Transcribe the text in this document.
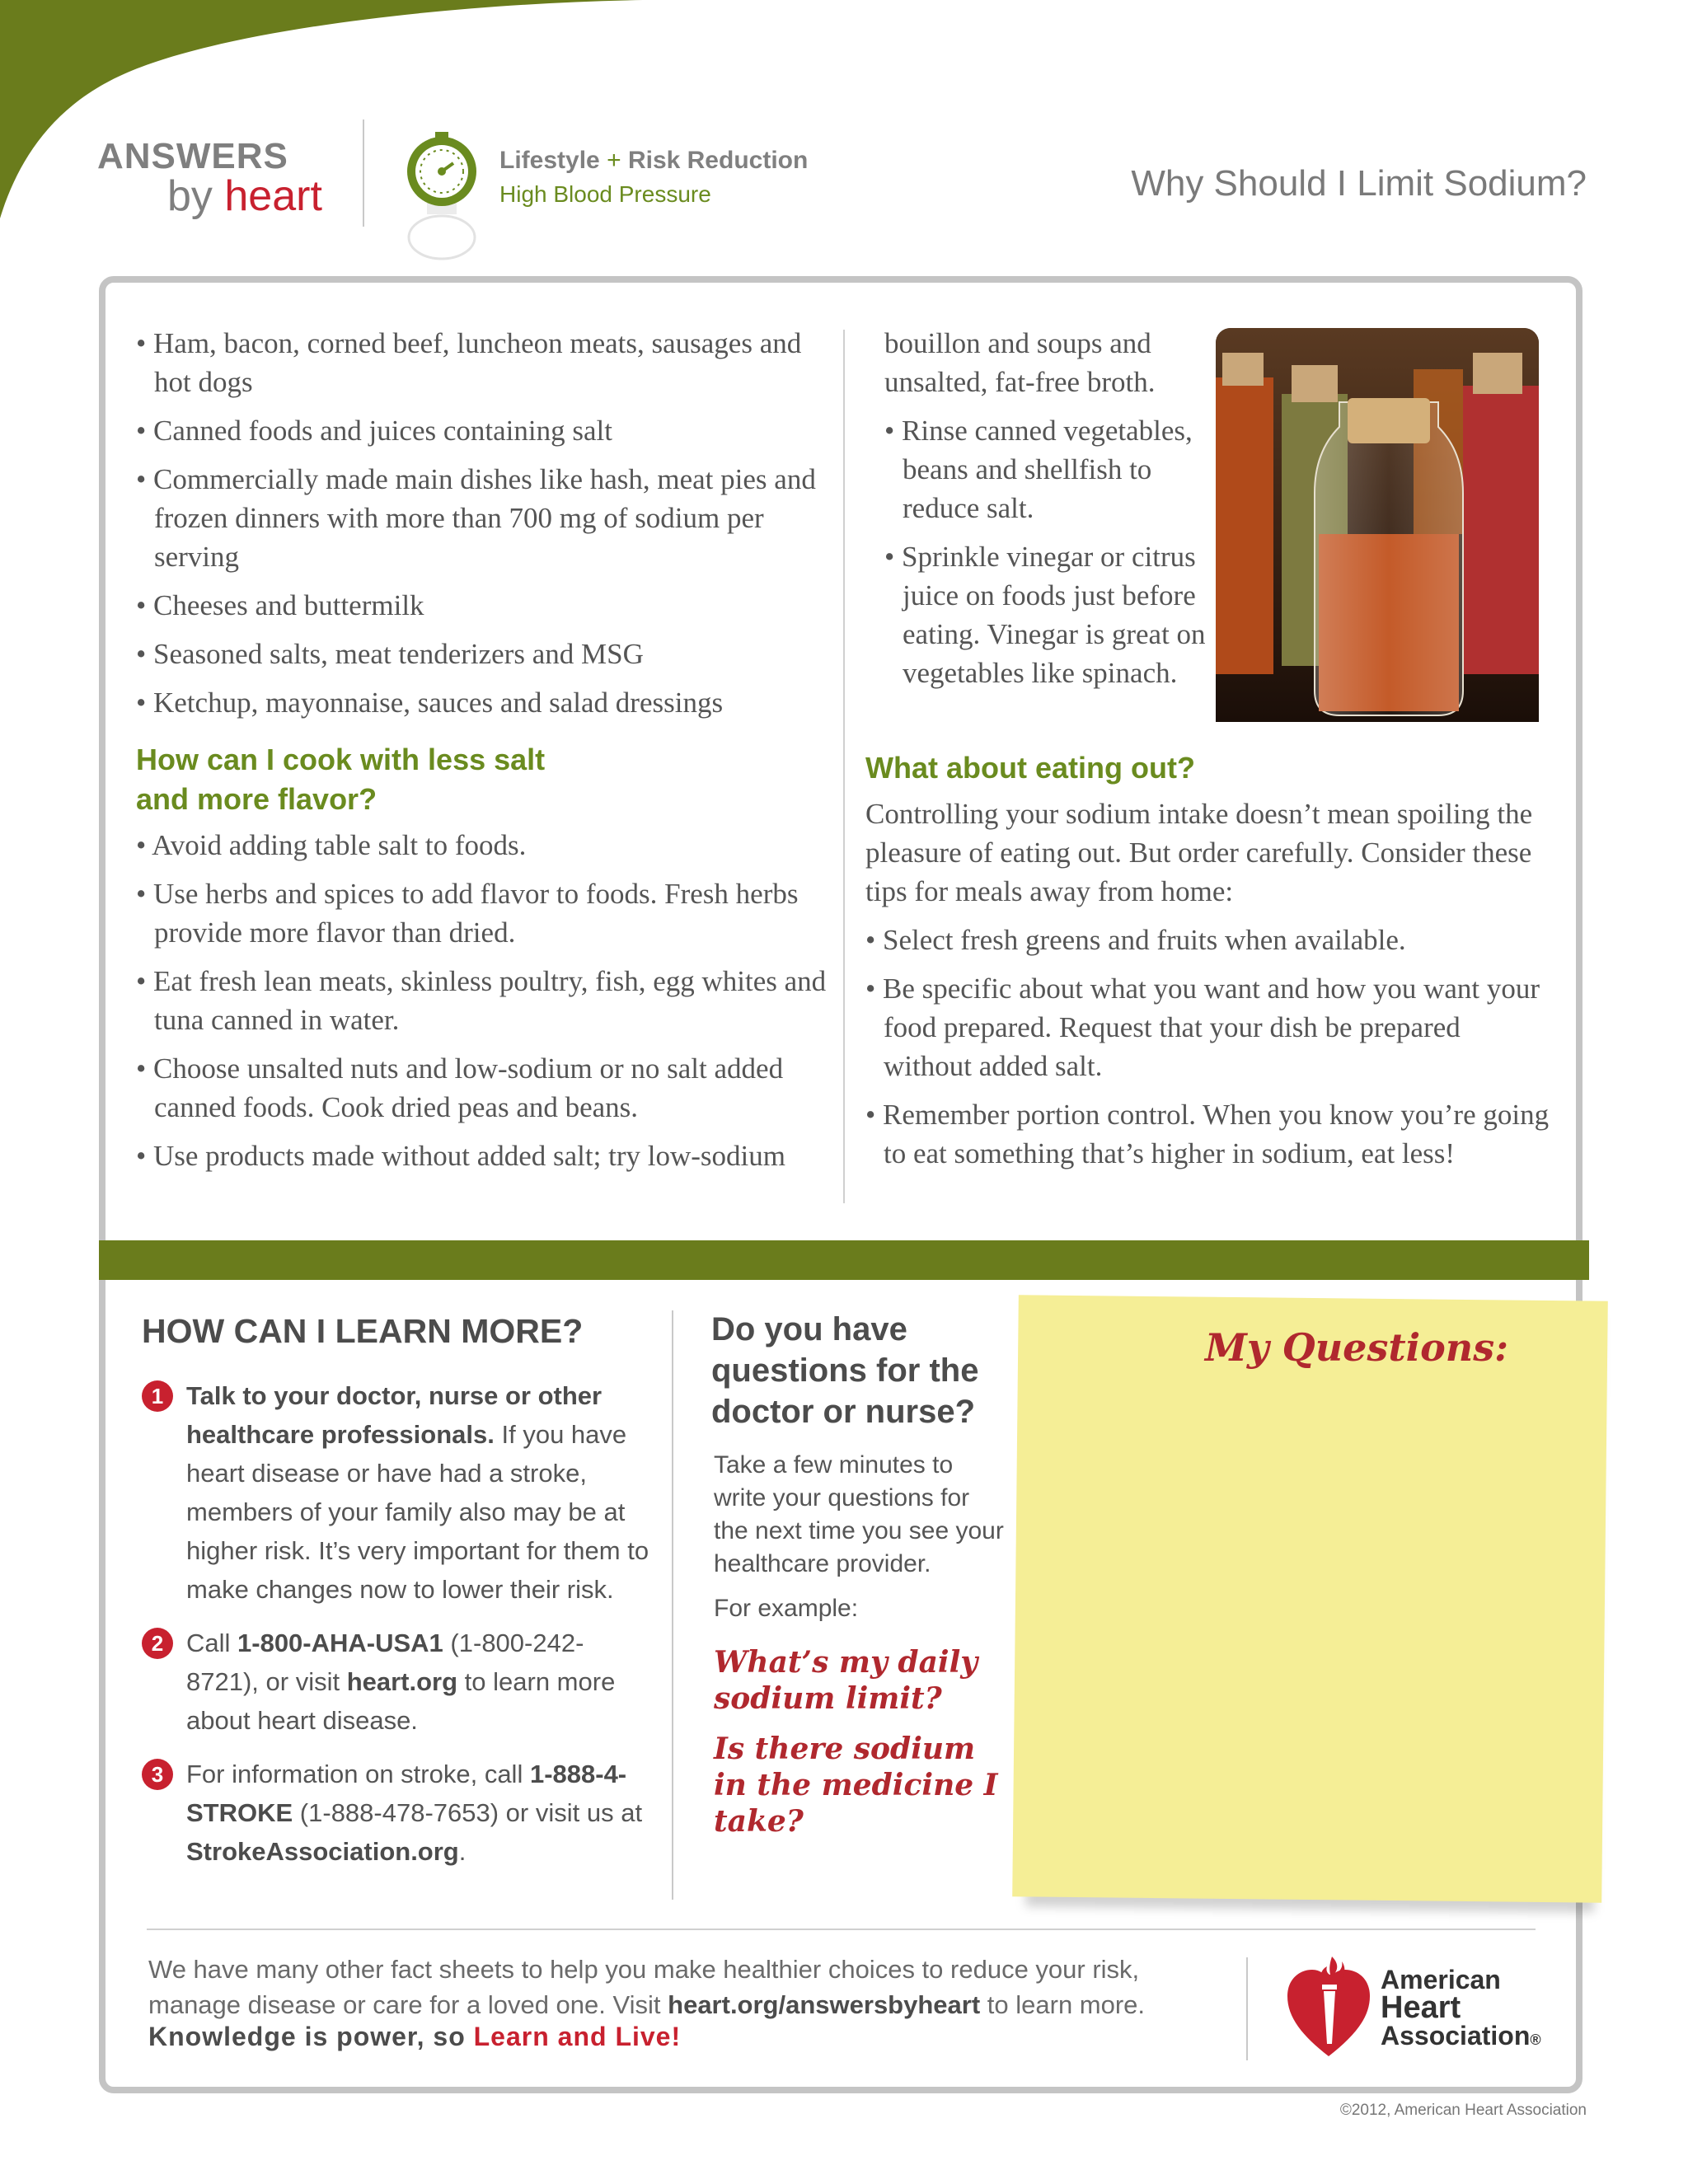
ANSWERS
by heart
Lifestyle + Risk Reduction
High Blood Pressure	Why Should I Limit Sodium?
• Ham, bacon, corned beef, luncheon meats, sausages and hot dogs
• Canned foods and juices containing salt
• Commercially made main dishes like hash, meat pies and frozen dinners with more than 700 mg of sodium per serving
• Cheeses and buttermilk
• Seasoned salts, meat tenderizers and MSG
• Ketchup, mayonnaise, sauces and salad dressings
How can I cook with less salt and more flavor?
• Avoid adding table salt to foods.
• Use herbs and spices to add flavor to foods. Fresh herbs provide more flavor than dried.
• Eat fresh lean meats, skinless poultry, fish, egg whites and tuna canned in water.
• Choose unsalted nuts and low-sodium or no salt added canned foods. Cook dried peas and beans.
• Use products made without added salt; try low-sodium

bouillon and soups and unsalted, fat-free broth.

• Rinse canned vegetables, beans and shellfish to reduce salt.
• Sprinkle vinegar or citrus juice on foods just before eating. Vinegar is great on vegetables like spinach.
What about eating out?

Controlling your sodium intake doesn’t mean spoiling the pleasure of eating out. But order carefully. Consider these tips for meals away from home:

• Select fresh greens and fruits when available.
• Be specific about what you want and how you want your food prepared. Request that your dish be prepared without added salt.
• Remember portion control. When you know you’re going to eat something that’s higher in sodium, eat less!
HOW CAN I LEARN MORE?
1 Talk to your doctor, nurse or other healthcare professionals. If you have heart disease or have had a stroke, members of your family also may be at higher risk. It’s very important for them to make changes now to lower their risk.
2 Call 1-800-AHA-USA1 (1-800-242-8721), or visit heart.org to learn more about heart disease.
3 For information on stroke, call 1-888-4-STROKE (1-888-478-7653) or visit us at StrokeAssociation.org.
Do you have questions for the doctor or nurse?
Take a few minutes to write your questions for the next time you see your healthcare provider.
For example:
What’s my daily sodium limit?
Is there sodium in the medicine I take?
My Questions:
We have many other fact sheets to help you make healthier choices to reduce your risk,
manage disease or care for a loved one. Visit heart.org/answersbyheart to learn more.
Knowledge is power, so Learn and Live!
American
Heart
Association®
©2012, American Heart Association
